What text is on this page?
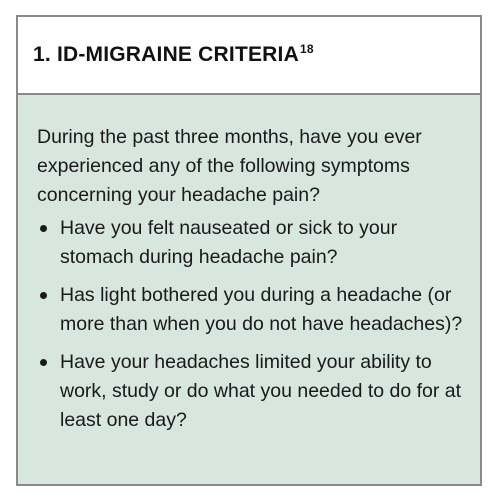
1. ID-MIGRAINE CRITERIA$^{18}$

During the past three months, have you ever experienced any of the following symptoms concerning your headache pain?

Have you felt nauseated or sick to your stomach during headache pain?
Has light bothered you during a headache (or more than when you do not have headaches)?
Have your headaches limited your ability to work, study or do what you needed to do for at least one day?
